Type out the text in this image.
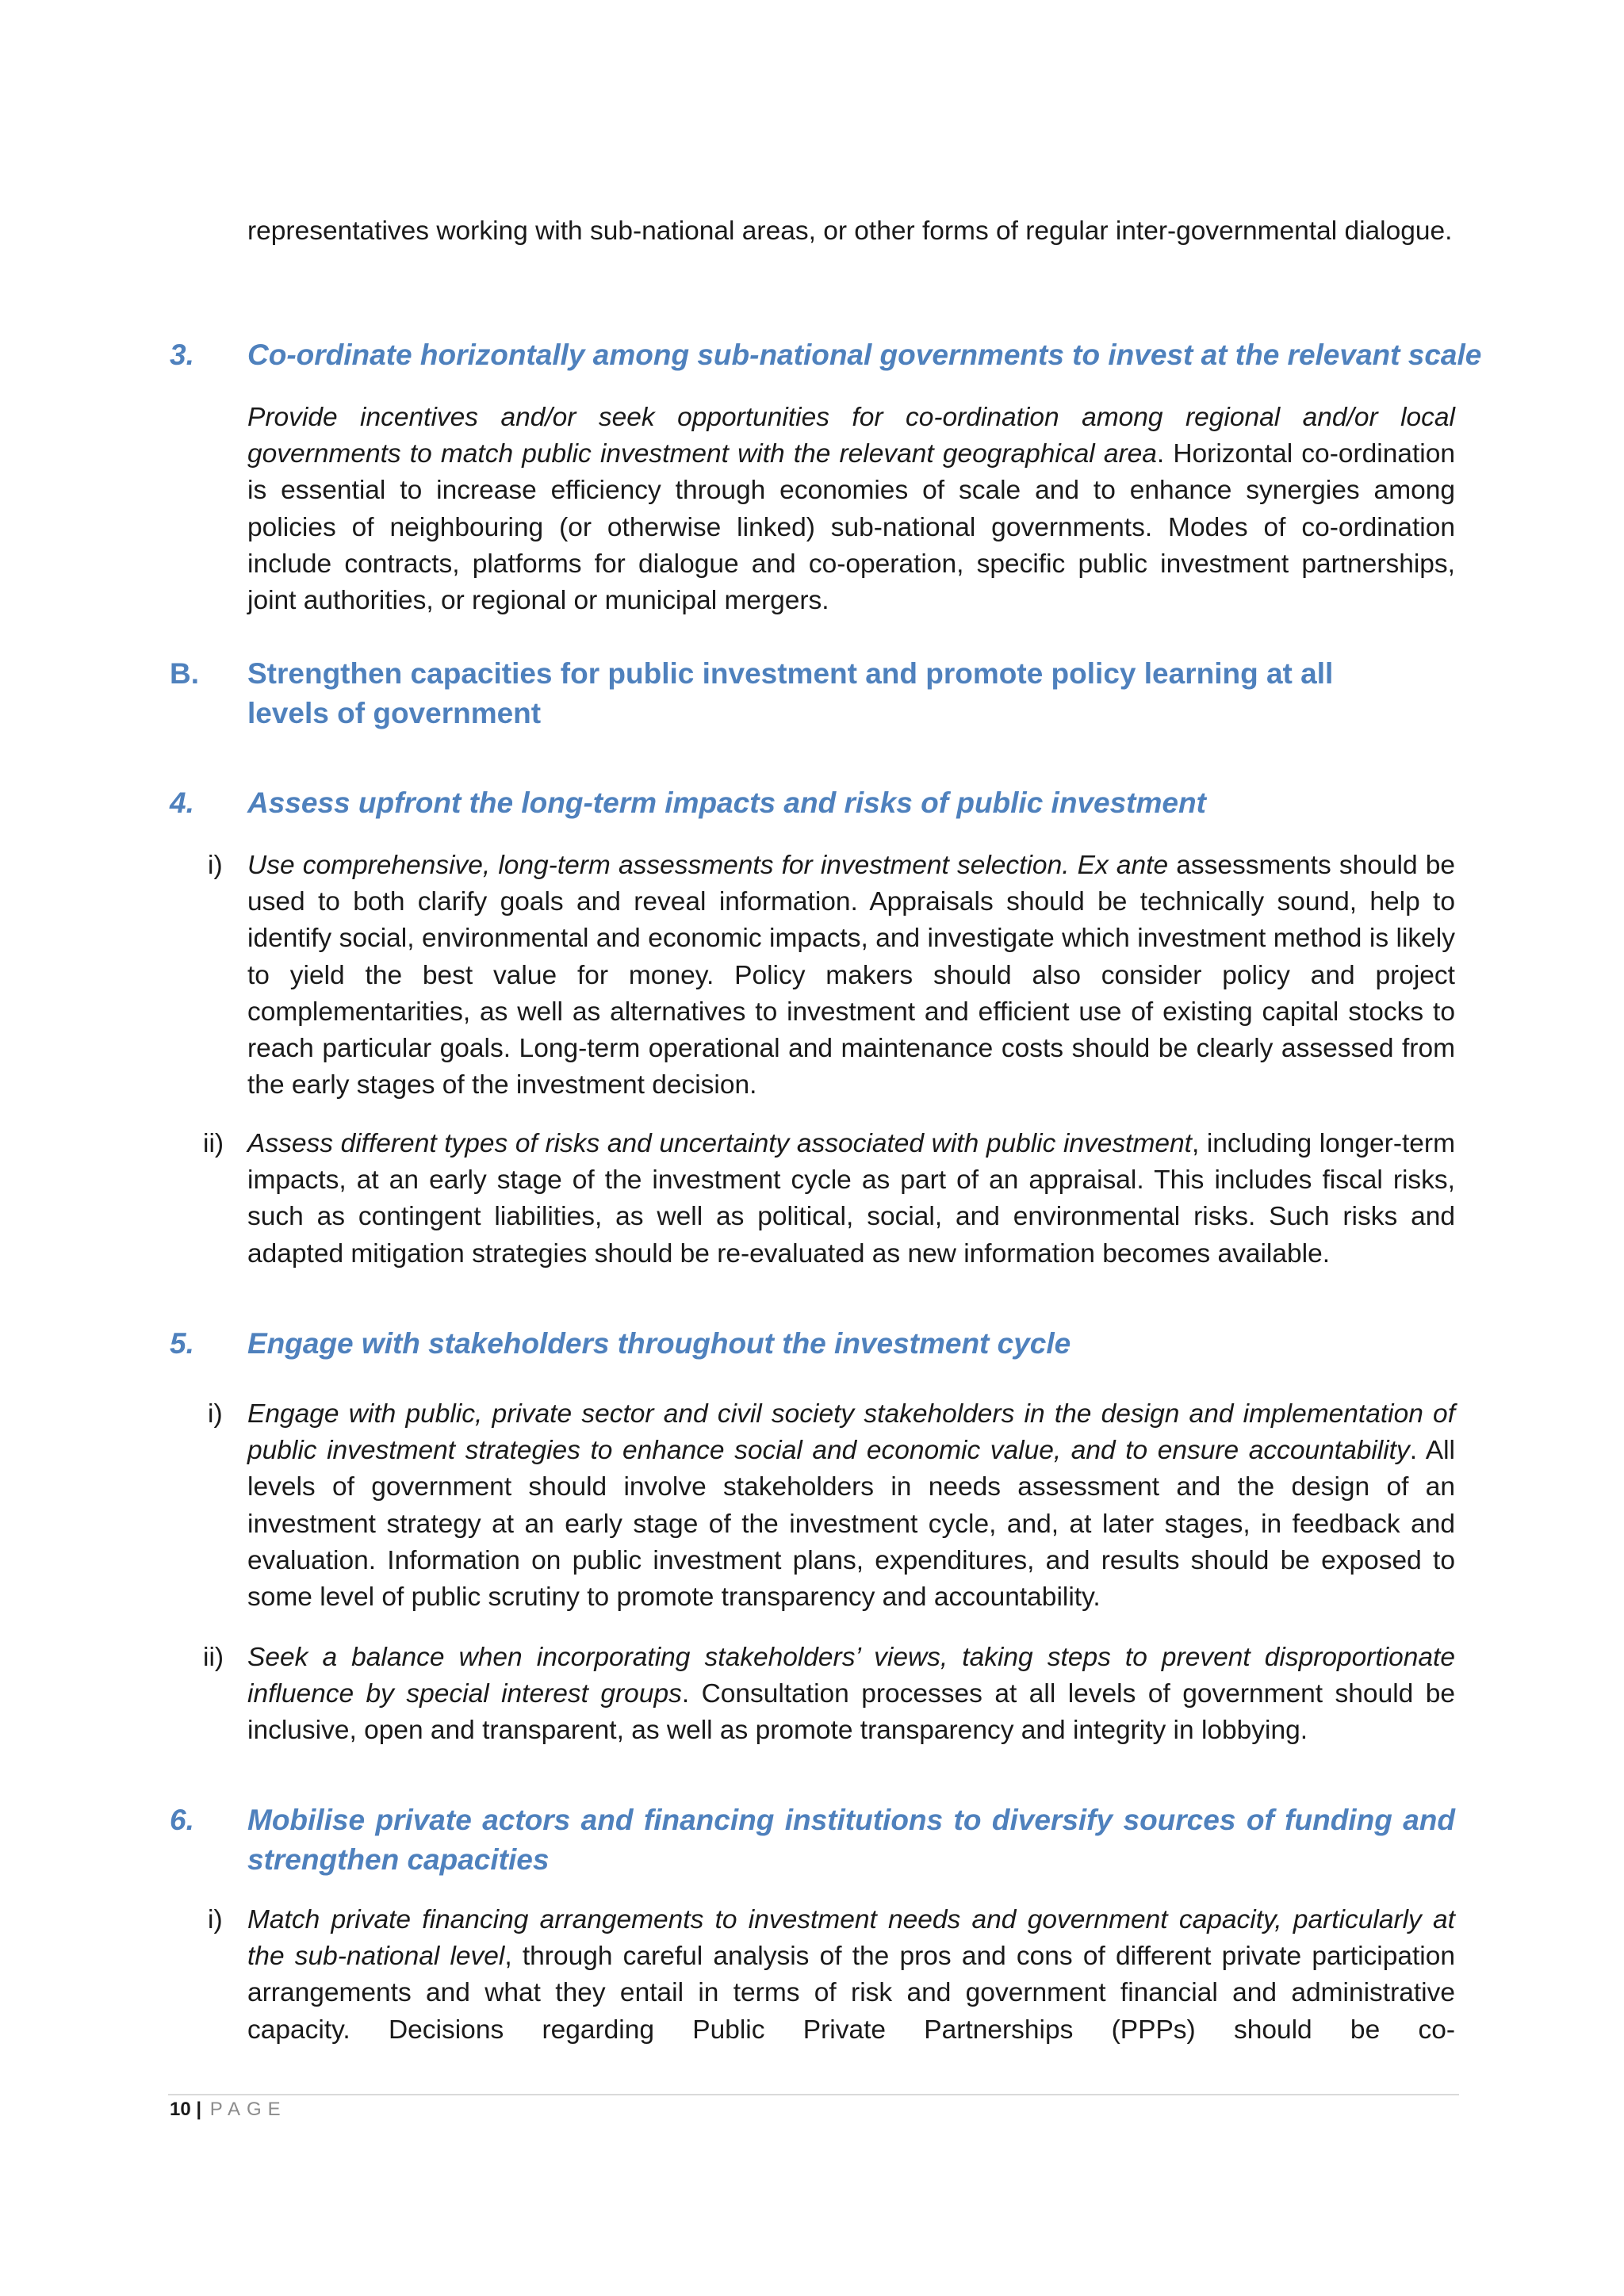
representatives working with sub-national areas, or other forms of regular inter-governmental dialogue.

3. Co-ordinate horizontally among sub-national governments to invest at the relevant scale

Provide incentives and/or seek opportunities for co-ordination among regional and/or local governments to match public investment with the relevant geographical area. Horizontal co-ordination is essential to increase efficiency through economies of scale and to enhance synergies among policies of neighbouring (or otherwise linked) sub-national governments. Modes of co-ordination include contracts, platforms for dialogue and co-operation, specific public investment partnerships, joint authorities, or regional or municipal mergers.

B. Strengthen capacities for public investment and promote policy learning at all
levels of government
4. Assess upfront the long-term impacts and risks of public investment
i) Use comprehensive, long-term assessments for investment selection. Ex ante assessments should be used to both clarify goals and reveal information. Appraisals should be technically sound, help to identify social, environmental and economic impacts, and investigate which investment method is likely to yield the best value for money. Policy makers should also consider policy and project complementarities, as well as alternatives to investment and efficient use of existing capital stocks to reach particular goals. Long-term operational and maintenance costs should be clearly assessed from the early stages of the investment decision.

ii) Assess different types of risks and uncertainty associated with public investment, including longer-term impacts, at an early stage of the investment cycle as part of an appraisal. This includes fiscal risks, such as contingent liabilities, as well as political, social, and environmental risks. Such risks and adapted mitigation strategies should be re-evaluated as new information becomes available.

5. Engage with stakeholders throughout the investment cycle
i) Engage with public, private sector and civil society stakeholders in the design and implementation of public investment strategies to enhance social and economic value, and to ensure accountability. All levels of government should involve stakeholders in needs assessment and the design of an investment strategy at an early stage of the investment cycle, and, at later stages, in feedback and evaluation. Information on public investment plans, expenditures, and results should be exposed to some level of public scrutiny to promote transparency and accountability.

ii) Seek a balance when incorporating stakeholders’ views, taking steps to prevent disproportionate influence by special interest groups. Consultation processes at all levels of government should be inclusive, open and transparent, as well as promote transparency and integrity in lobbying.

6. Mobilise private actors and financing institutions to diversify sources of funding and strengthen capacities
i) Match private financing arrangements to investment needs and government capacity, particularly at the sub-national level, through careful analysis of the pros and cons of different private participation arrangements and what they entail in terms of risk and government financial and administrative capacity. Decisions regarding Public Private Partnerships (PPPs) should be co-

10 | PAGE
